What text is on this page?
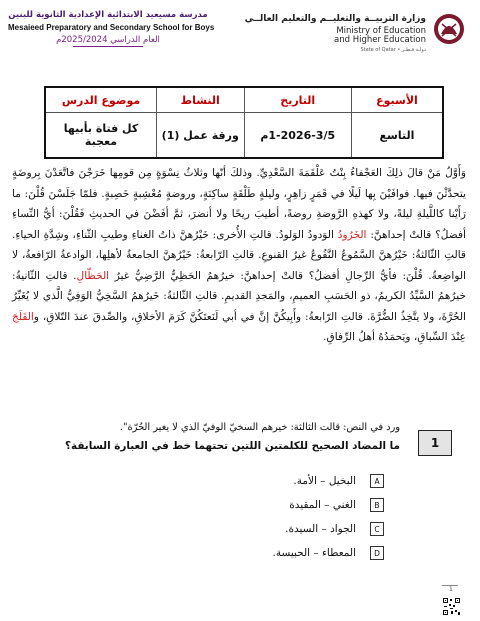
وزارة التربيــة والتعليــم والتعليم العالــي
Ministry of Education and Higher Education
State of Qatar • دولـة قـطـر
مدرسة مسيعيد الابتدائية الإعدادية الثانوية للبنين
Mesaieed Preparatory and Secondary School for Boys
العام الدراسي 2025/2024م
الأسبوع	التاريخ	النشاط	موضوع الدرس
التاسع	1-2026-3/5م	ورقة عمل (1)	كل فتاة بأبيها معجبة
وَأَوَّلُ مَنْ قالَ ذلِكَ العَجْفاءُ بِنْتُ عَلْقَمَةَ السَّعْدِيِّ. وذلكَ أنّها وثلاثُ نِسْوَةٍ مِن قومِها خَرَجْنَ فاتَّعَدْنَ بِروضَةٍ يتحدَّثْنَ فيها. فوافَيْنَ بِها لَيلًا في قَمَرٍ زاهِرٍ، وليلةٍ طَلْقَةٍ ساكِنَةٍ، وروضةٍ مُعْشِبةٍ خَصِبةٍ. فلمّا جَلَسْنَ قُلْنَ: ما رَأَيْنا كاللَّيلةِ ليلةً، ولا كهذهِ الرَّوضةِ روضةً، أطيبَ ريحًا ولا أنضرَ، ثمَّ أفَضْنَ في الحديثِ فَقُلْنَ: أيُّ النِّساءِ أفضلُ؟ قالتْ إحداهنَّ: الخَرُودُ الوَدودُ الوَلودُ. قالتِ الأُخرى: خَيْرُهنَّ ذاتُ الغناءِ وطيبِ الثّناءِ، وشِدَّةِ الحياءِ. قالتِ الثّالثةُ: خَيْرُهنَّ السَّمُوعُ النَّفُوعُ غيرُ القنوعِ. قالتِ الرّابعةُ: خَيْرُهنَّ الجامعةُ لأهلِها، الوادعةُ الرّافعةُ، لا الواضِعةُ. قُلْنَ: فأيُّ الرِّجالِ أفضلُ؟ قالتْ إحداهنَّ: خيرُهمُ الحَظِيُّ الرَّضِيُّ غيرُ الحَظّالِ. قالتِ الثّانيةُ: خيرُهمُ السَّيِّدُ الكريمُ، ذو الحَسَبِ العميمِ، والمَجدِ القديمِ. قالتِ الثّالثةُ: خَيرُهمُ السَّخِيُّ الوَفِيُّ الَّذي لا يُغَيِّرُ الحُرَّةَ، ولا يتَّخِذُ الضُّرَّةَ. قالتِ الرّابعةُ: وأَبِيكُنَّ إنَّ في أبي لَنَعتَكُنَّ كَرَمَ الأخلاقِ، والصِّدقَ عندَ التّلاقِ، والفَلَجَ عِنْدَ السِّباقِ، ويَحمَدُهُ أهلُ الرِّفاقِ.
1
ورد في النص: قالت الثالثة: خيرهم السخيّ الوفيّ الذي لا يغير الحُرّة".
ما المضاد الصحيح للكلمتين اللتين تحتهما خط في العبارة السابقة؟
A
البخيل – الأمة.
B
الغني – المقيدة
C
الجواد – السيدة.
D
المعطاء – الحبيسة.
1
